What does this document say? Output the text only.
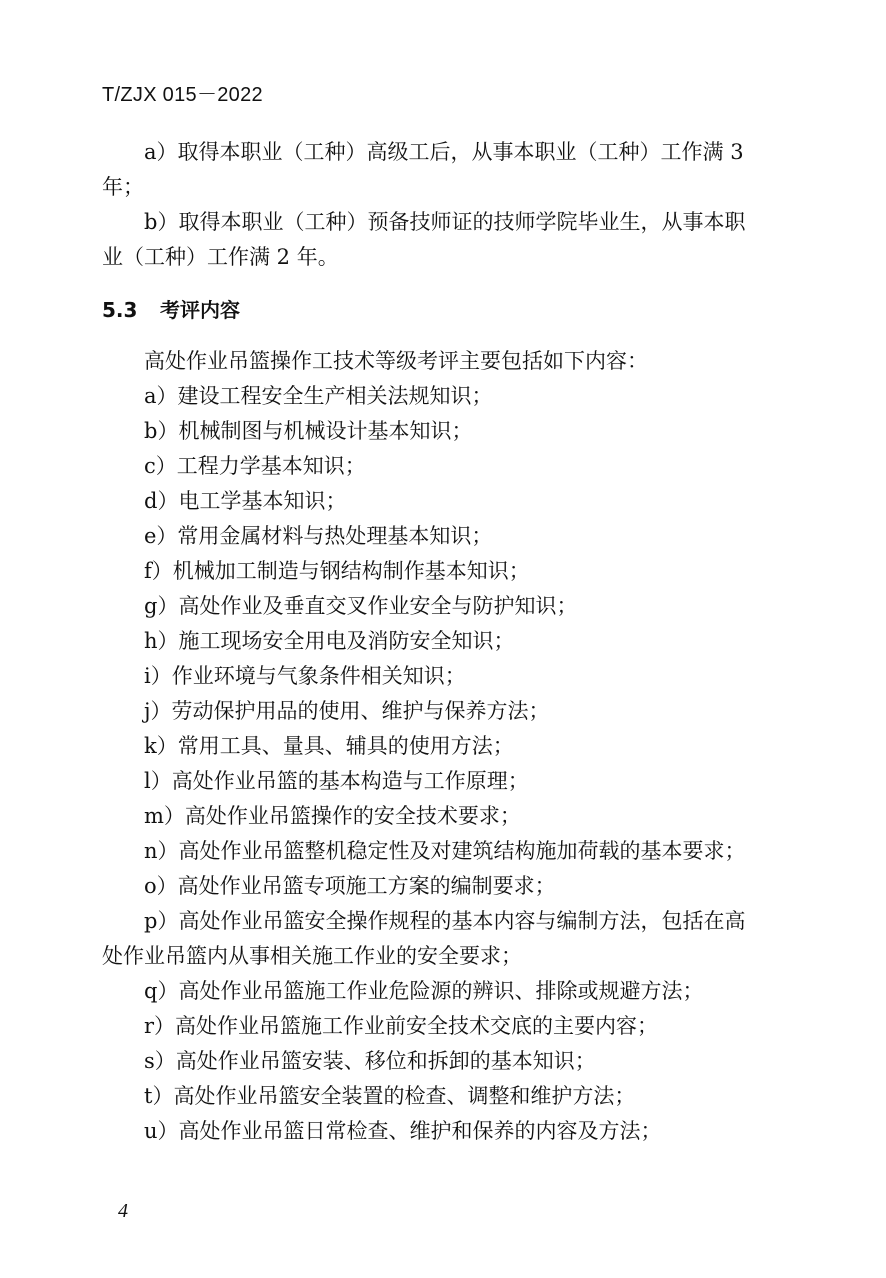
T/ZJX 015－2022

a）取得本职业（工种）高级工后，从事本职业（工种）工作满 3 年；

b）取得本职业（工种）预备技师证的技师学院毕业生，从事本职业（工种）工作满 2 年。

5.3 考评内容

高处作业吊篮操作工技术等级考评主要包括如下内容：

a）建设工程安全生产相关法规知识；

b）机械制图与机械设计基本知识；

c）工程力学基本知识；

d）电工学基本知识；

e）常用金属材料与热处理基本知识；

f）机械加工制造与钢结构制作基本知识；

g）高处作业及垂直交叉作业安全与防护知识；

h）施工现场安全用电及消防安全知识；

i）作业环境与气象条件相关知识；

j）劳动保护用品的使用、维护与保养方法；

k）常用工具、量具、辅具的使用方法；

l）高处作业吊篮的基本构造与工作原理；

m）高处作业吊篮操作的安全技术要求；

n）高处作业吊篮整机稳定性及对建筑结构施加荷载的基本要求；

o）高处作业吊篮专项施工方案的编制要求；

p）高处作业吊篮安全操作规程的基本内容与编制方法，包括在高处作业吊篮内从事相关施工作业的安全要求；

q）高处作业吊篮施工作业危险源的辨识、排除或规避方法；

r）高处作业吊篮施工作业前安全技术交底的主要内容；

s）高处作业吊篮安装、移位和拆卸的基本知识；

t）高处作业吊篮安全装置的检查、调整和维护方法；

u）高处作业吊篮日常检查、维护和保养的内容及方法；

4
